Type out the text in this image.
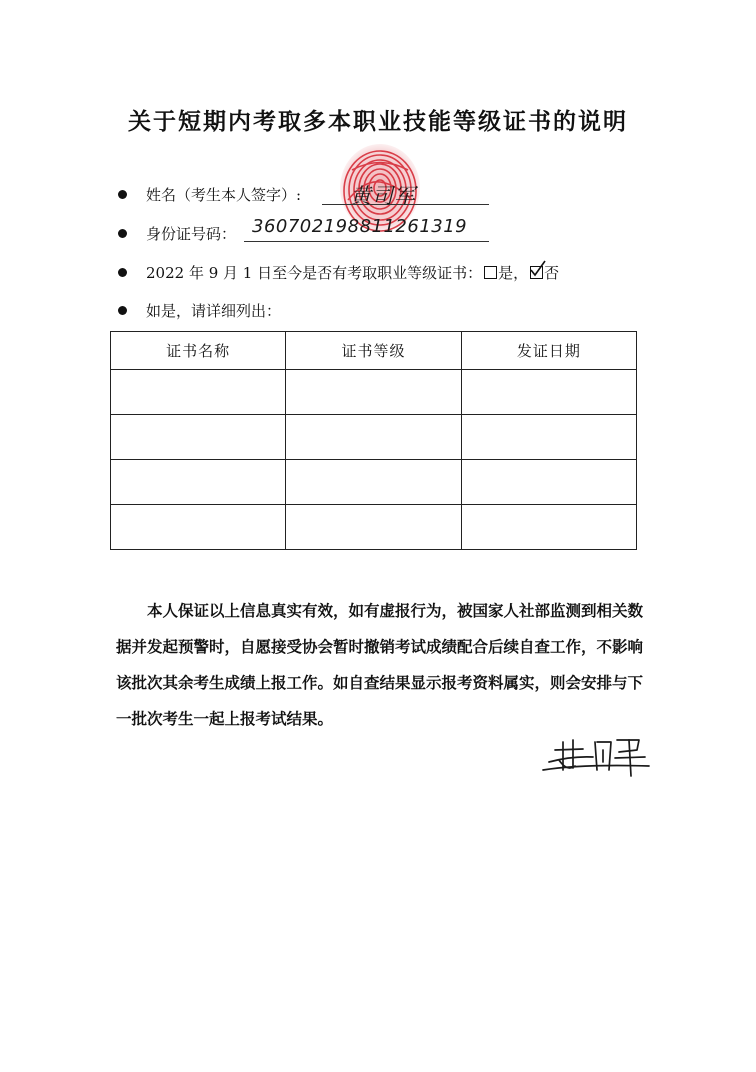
关于短期内考取多本职业技能等级证书的说明
姓名（考生本人签字）: 黄司军
身份证号码： 360702198811261319
2022 年 9 月 1 日至今是否有考取职业等级证书： 是， 否
如是，请详细列出：
证书名称	证书等级	发证日期

本人保证以上信息真实有效，如有虚报行为，被国家人社部监测到相关数据并发起预警时，自愿接受协会暂时撤销考试成绩配合后续自查工作，不影响该批次其余考生成绩上报工作。如自查结果显示报考资料属实，则会安排与下一批次考生一起上报考试结果。
